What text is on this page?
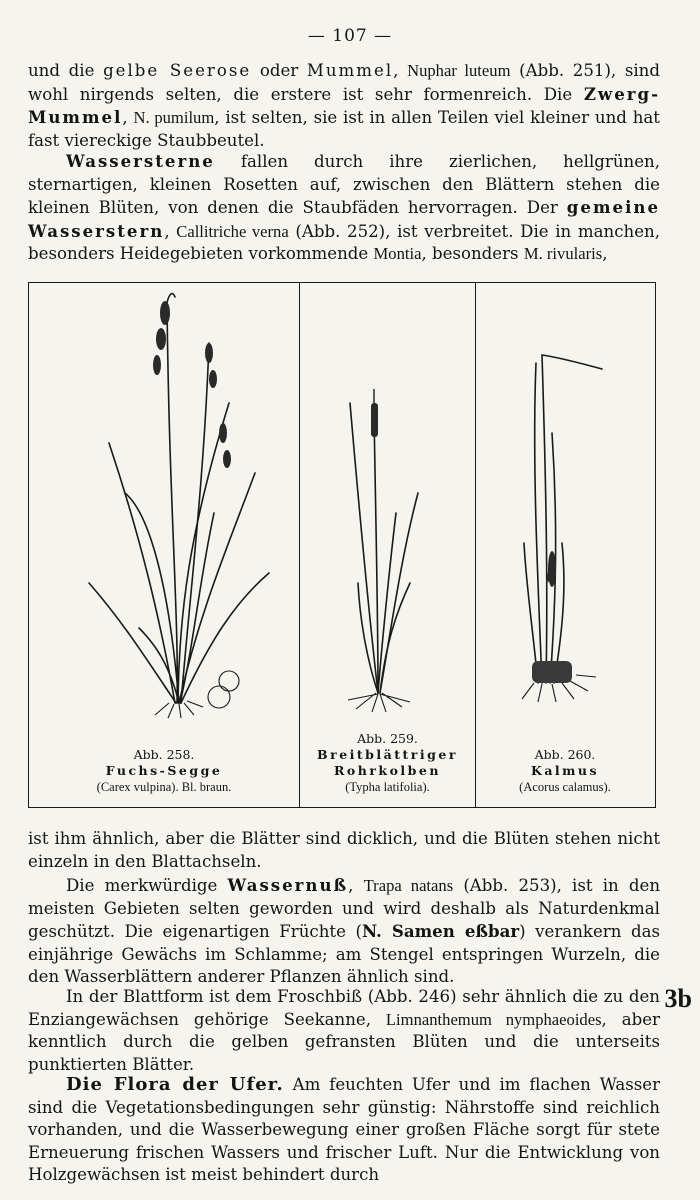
— 107 —

und die gelbe Seerose oder Mummel, Nuphar luteum (Abb. 251), sind wohl nirgends selten, die erstere ist sehr formenreich. Die Zwerg-Mummel, N. pumilum, ist selten, sie ist in allen Teilen viel kleiner und hat fast viereckige Staubbeutel.

Wassersterne fallen durch ihre zierlichen, hellgrünen, sternartigen, kleinen Rosetten auf, zwischen den Blättern stehen die kleinen Blüten, von denen die Staubfäden hervorragen. Der gemeine Wasserstern, Callitriche verna (Abb. 252), ist verbreitet. Die in manchen, besonders Heidegebieten vorkommende Montia, besonders M. rivularis,

Abb. 258.
Fuchs-Segge
(Carex vulpina). Bl. braun.
Abb. 259.
Breitblättriger
Rohrkolben
(Typha latifolia).
Abb. 260.
Kalmus
(Acorus calamus).

ist ihm ähnlich, aber die Blätter sind dicklich, und die Blüten stehen nicht einzeln in den Blattachseln.

Die merkwürdige Wassernuß, Trapa natans (Abb. 253), ist in den meisten Gebieten selten geworden und wird deshalb als Naturdenkmal geschützt. Die eigenartigen Früchte (N. Samen eßbar) verankern das einjährige Gewächs im Schlamme; am Stengel entspringen Wurzeln, die den Wasserblättern anderer Pflanzen ähnlich sind.

In der Blattform ist dem Froschbiß (Abb. 246) sehr ähnlich die zu den Enziangewächsen gehörige Seekanne, Limnanthemum nymphaeoides, aber kenntlich durch die gelben gefransten Blüten und die unterseits punktierten Blätter.

Die Flora der Ufer. Am feuchten Ufer und im flachen Wasser sind die Vegetationsbedingungen sehr günstig: Nährstoffe sind reichlich vorhanden, und die Wasserbewegung einer großen Fläche sorgt für stete Erneuerung frischen Wassers und frischer Luft. Nur die Entwicklung von Holzgewächsen ist meist behindert durch

3b
